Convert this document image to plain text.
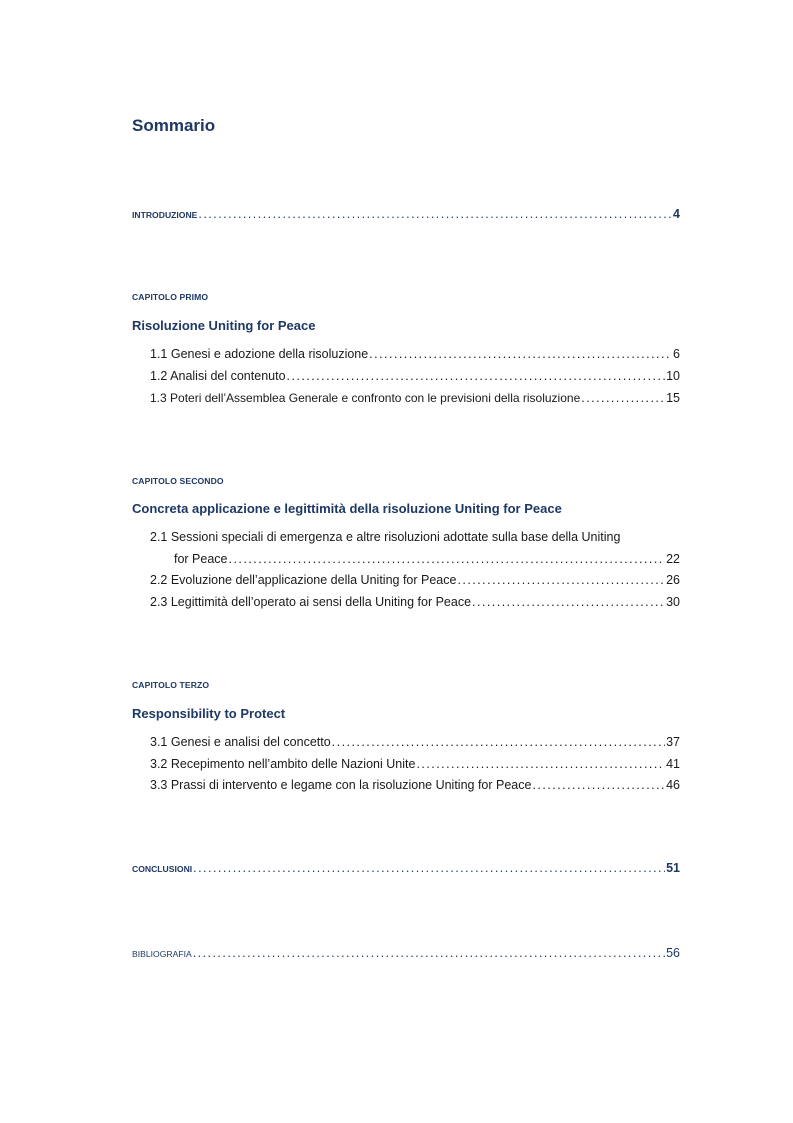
Sommario
INTRODUZIONE . . .	4
CAPITOLO PRIMO
Risoluzione Uniting for Peace
1.1 Genesi e adozione della risoluzione . . .	6
1.2 Analisi del contenuto . . .	10
1.3 Poteri dell’Assemblea Generale e confronto con le previsioni della risoluzione . . .	15
CAPITOLO SECONDO
Concreta applicazione e legittimità della risoluzione Uniting for Peace
2.1 Sessioni speciali di emergenza e altre risoluzioni adottate sulla base della Uniting
for Peace . . .	22
2.2 Evoluzione dell’applicazione della Uniting for Peace . . .	26
2.3 Legittimità dell’operato ai sensi della Uniting for Peace . . .	30
CAPITOLO TERZO
Responsibility to Protect
3.1 Genesi e analisi del concetto . . .	37
3.2 Recepimento nell’ambito delle Nazioni Unite . . .	41
3.3 Prassi di intervento e legame con la risoluzione Uniting for Peace . . .	46
CONCLUSIONI . . .	51
BIBLIOGRAFIA . . .	56
